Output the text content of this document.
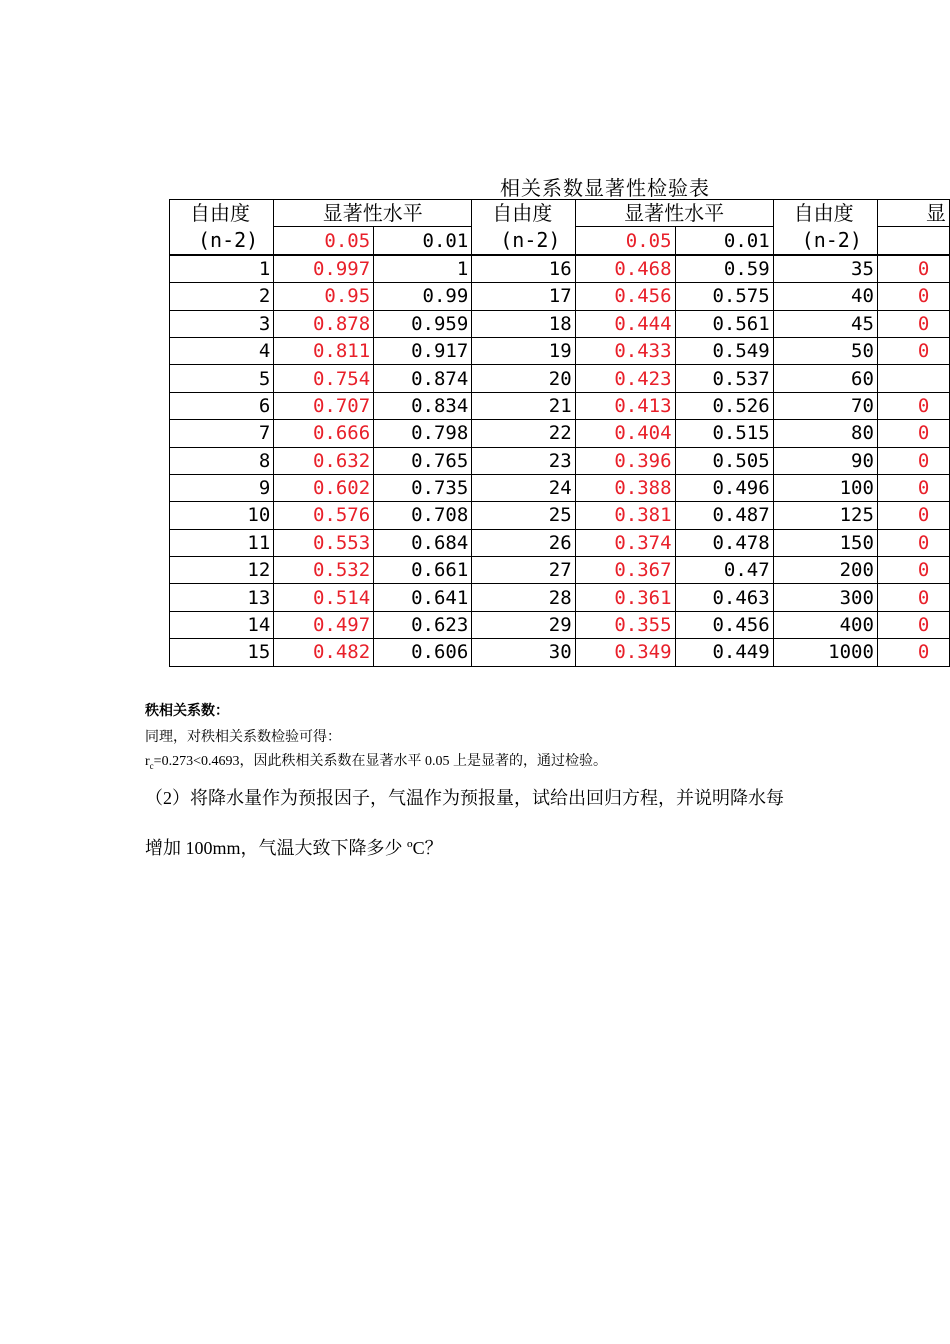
相关系数显著性检验表
自由度	显著性水平		自由度	显著性水平		自由度	显
(n-2)	0.05	0.01	(n-2)	0.05	0.01	(n-2)	
1	0.997	1	16	0.468	0.59	35	0
2	0.95	0.99	17	0.456	0.575	40	0
3	0.878	0.959	18	0.444	0.561	45	0
4	0.811	0.917	19	0.433	0.549	50	0
5	0.754	0.874	20	0.423	0.537	60	
6	0.707	0.834	21	0.413	0.526	70	0
7	0.666	0.798	22	0.404	0.515	80	0
8	0.632	0.765	23	0.396	0.505	90	0
9	0.602	0.735	24	0.388	0.496	100	0
10	0.576	0.708	25	0.381	0.487	125	0
11	0.553	0.684	26	0.374	0.478	150	0
12	0.532	0.661	27	0.367	0.47	200	0
13	0.514	0.641	28	0.361	0.463	300	0
14	0.497	0.623	29	0.355	0.456	400	0
15	0.482	0.606	30	0.349	0.449	1000	0
秩相关系数：
同理，对秩相关系数检验可得：
$r_c=0.273<0.4693$，因此秩相关系数在显著水平 0.05 上是显著的，通过检验。
（2）将降水量作为预报因子，气温作为预报量，试给出回归方程，并说明降水每
增加 100mm，气温大致下降多少 ºC？
